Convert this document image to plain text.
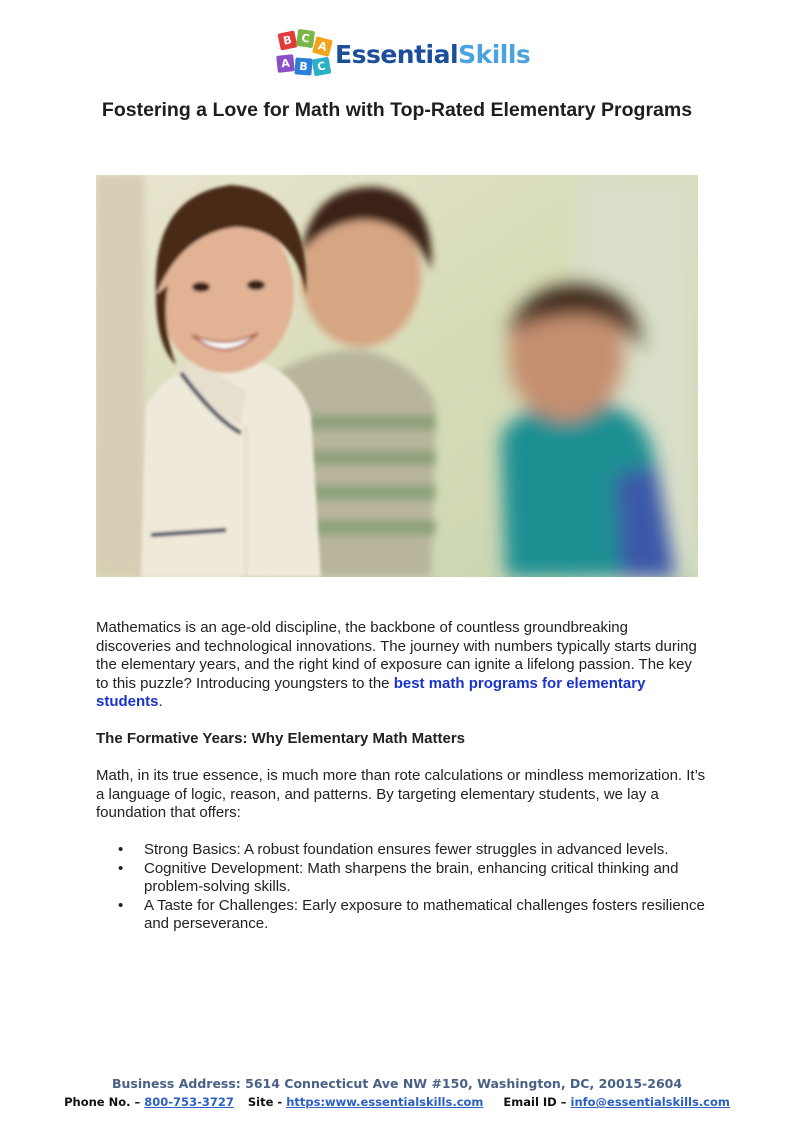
B C
A
A B C EssentialSkills
Fostering a Love for Math with Top-Rated Elementary Programs

Mathematics is an age-old discipline, the backbone of countless groundbreaking discoveries and technological innovations. The journey with numbers typically starts during the elementary years, and the right kind of exposure can ignite a lifelong passion. The key to this puzzle? Introducing youngsters to the best math programs for elementary students.

The Formative Years: Why Elementary Math Matters

Math, in its true essence, is much more than rote calculations or mindless memorization. It’s a language of logic, reason, and patterns. By targeting elementary students, we lay a foundation that offers:

• Strong Basics: A robust foundation ensures fewer struggles in advanced levels.
• Cognitive Development: Math sharpens the brain, enhancing critical thinking and problem-solving skills.
• A Taste for Challenges: Early exposure to mathematical challenges fosters resilience and perseverance.
Business Address: 5614 Connecticut Ave NW #150, Washington, DC, 20015-2604
Phone No. – 800-753-3727 Site - https:www.essentialskills.com Email ID – info@essentialskills.com
